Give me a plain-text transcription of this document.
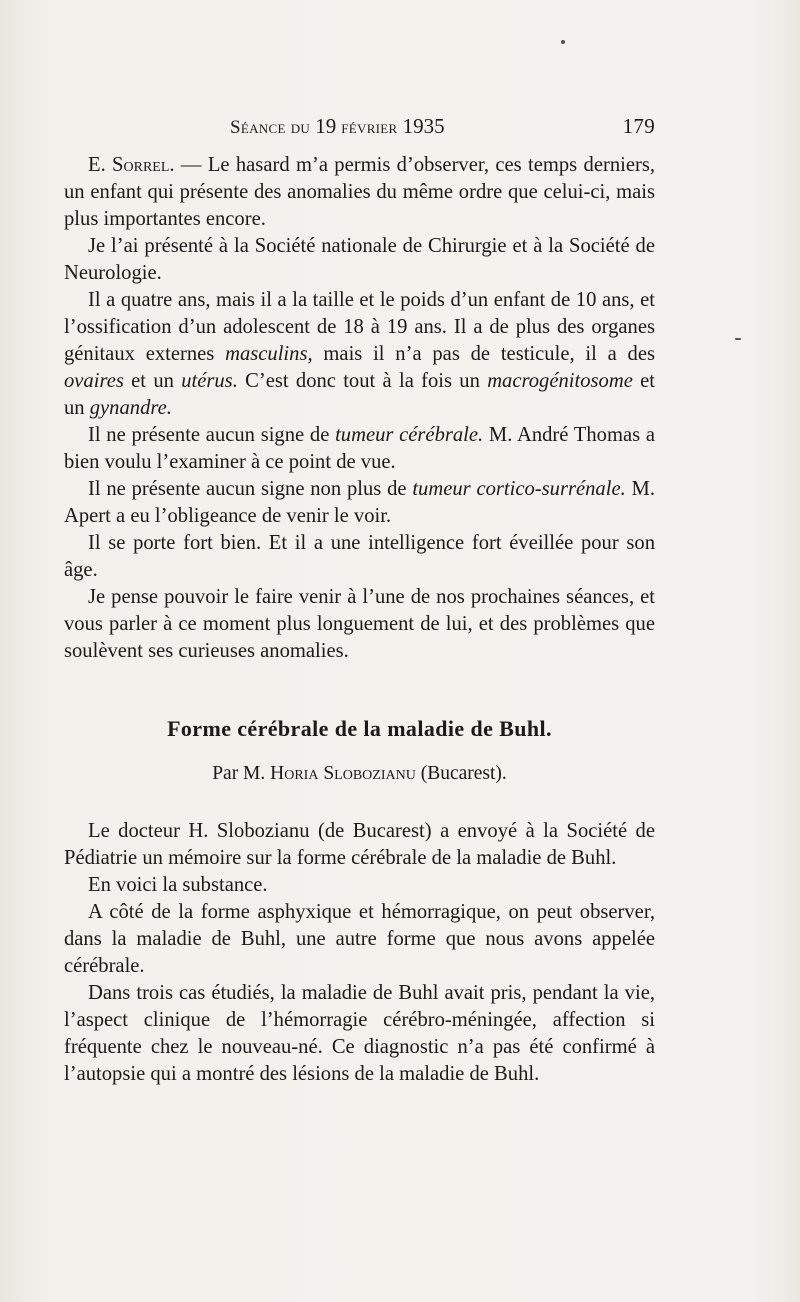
Séance du 19 février 1935	179

E. Sorrel. — Le hasard m’a permis d’observer, ces temps derniers, un enfant qui présente des anomalies du même ordre que celui-ci, mais plus importantes encore.

Je l’ai présenté à la Société nationale de Chirurgie et à la Société de Neurologie.

Il a quatre ans, mais il a la taille et le poids d’un enfant de 10 ans, et l’ossification d’un adolescent de 18 à 19 ans. Il a de plus des organes génitaux externes masculins, mais il n’a pas de testicule, il a des ovaires et un utérus. C’est donc tout à la fois un macrogénitosome et un gynandre.

Il ne présente aucun signe de tumeur cérébrale. M. André Thomas a bien voulu l’examiner à ce point de vue.

Il ne présente aucun signe non plus de tumeur cortico-surrénale. M. Apert a eu l’obligeance de venir le voir.

Il se porte fort bien. Et il a une intelligence fort éveillée pour son âge.

Je pense pouvoir le faire venir à l’une de nos prochaines séances, et vous parler à ce moment plus longuement de lui, et des problèmes que soulèvent ses curieuses anomalies.

Forme cérébrale de la maladie de Buhl.
Par M. Horia Slobozianu (Bucarest).

Le docteur H. Slobozianu (de Bucarest) a envoyé à la Société de Pédiatrie un mémoire sur la forme cérébrale de la maladie de Buhl.

En voici la substance.

A côté de la forme asphyxique et hémorragique, on peut observer, dans la maladie de Buhl, une autre forme que nous avons appelée cérébrale.

Dans trois cas étudiés, la maladie de Buhl avait pris, pendant la vie, l’aspect clinique de l’hémorragie cérébro-méningée, affection si fréquente chez le nouveau-né. Ce diagnostic n’a pas été confirmé à l’autopsie qui a montré des lésions de la maladie de Buhl.
